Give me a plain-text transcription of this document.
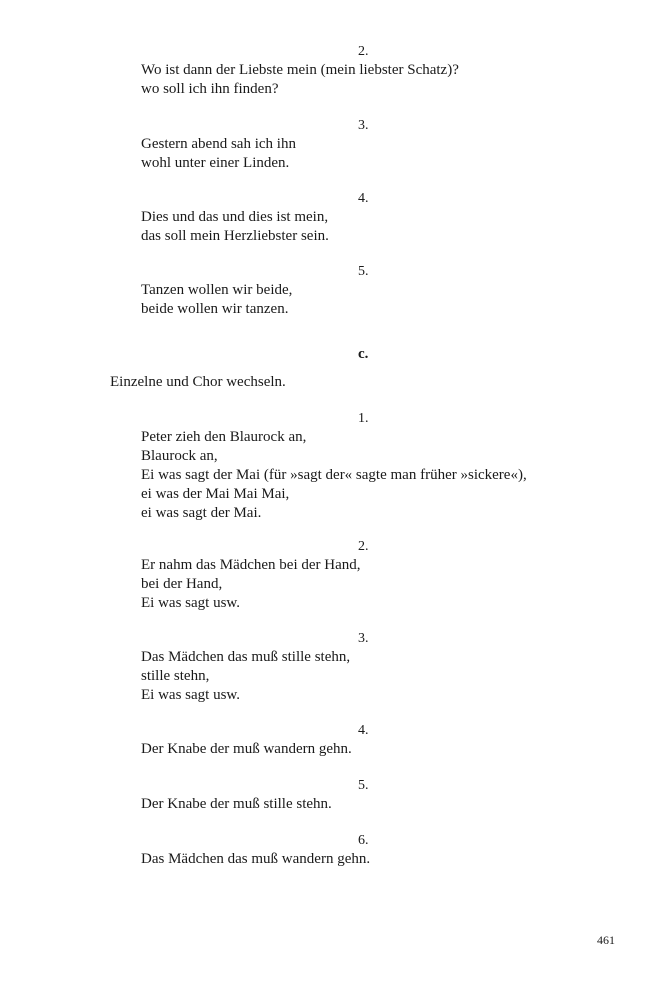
2.
Wo ist dann der Liebste mein (mein liebster Schatz)?
wo soll ich ihn finden?
3.
Gestern abend sah ich ihn
wohl unter einer Linden.
4.
Dies und das und dies ist mein,
das soll mein Herzliebster sein.
5.
Tanzen wollen wir beide,
beide wollen wir tanzen.
c.
Einzelne und Chor wechseln.
1.
Peter zieh den Blaurock an,
Blaurock an,
Ei was sagt der Mai (für »sagt der« sagte man früher »sickere«),
ei was der Mai Mai Mai,
ei was sagt der Mai.
2.
Er nahm das Mädchen bei der Hand,
bei der Hand,
Ei was sagt usw.
3.
Das Mädchen das muß stille stehn,
stille stehn,
Ei was sagt usw.
4.
Der Knabe der muß wandern gehn.
5.
Der Knabe der muß stille stehn.
6.
Das Mädchen das muß wandern gehn.
461
